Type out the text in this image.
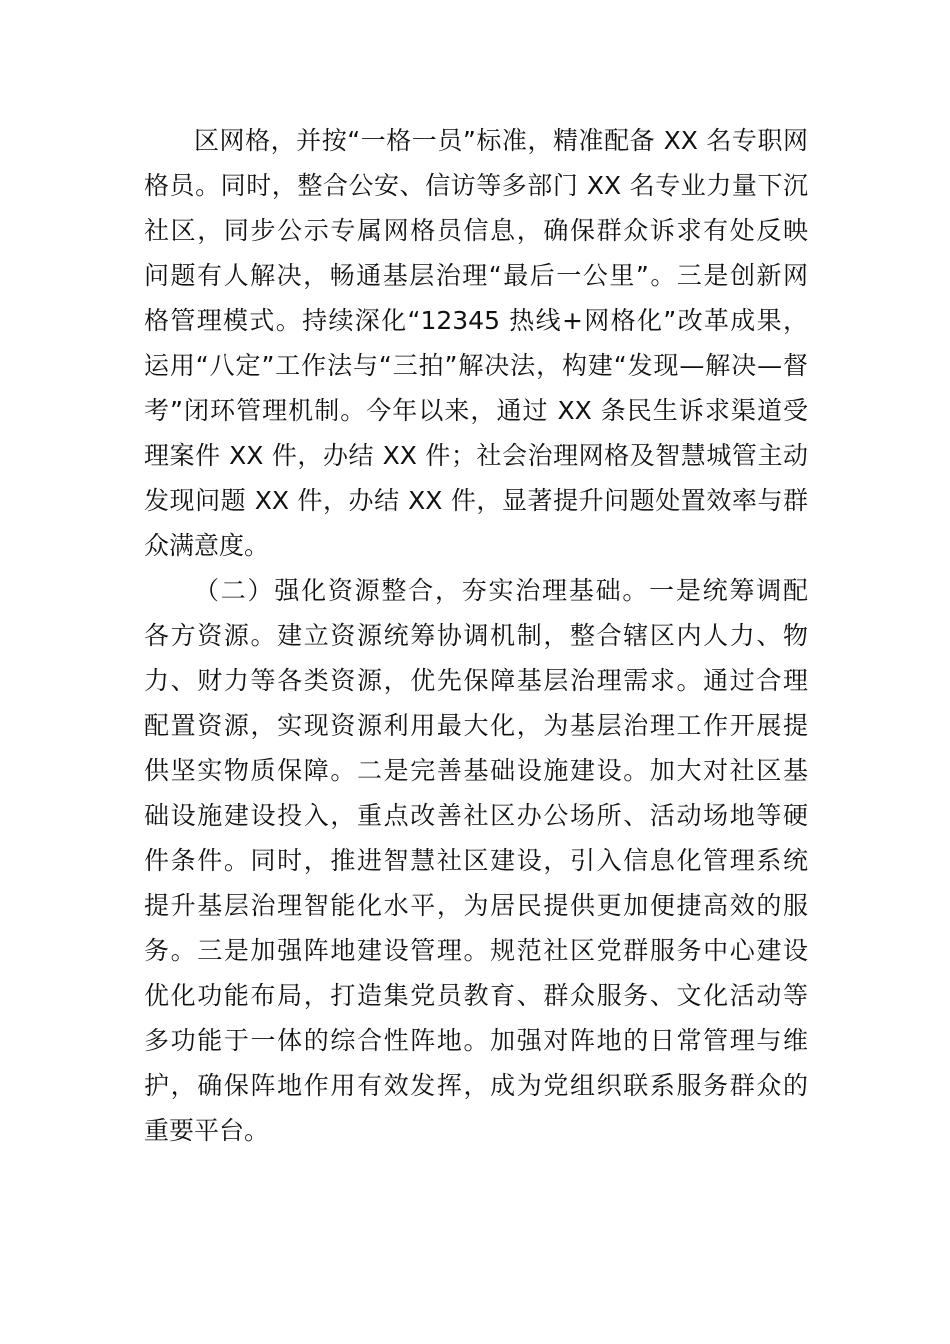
区网格，并按“一格一员”标准，精准配备 XX 名专职网
格员。同时，整合公安、信访等多部门 XX 名专业力量下沉
社区，同步公示专属网格员信息，确保群众诉求有处反映
问题有人解决，畅通基层治理“最后一公里”。三是创新网
格管理模式。持续深化“12345 热线+网格化”改革成果，
运用“八定”工作法与“三拍”解决法，构建“发现—解决—督
考”闭环管理机制。今年以来，通过 XX 条民生诉求渠道受
理案件 XX 件，办结 XX 件；社会治理网格及智慧城管主动
发现问题 XX 件，办结 XX 件，显著提升问题处置效率与群
众满意度。
（二）强化资源整合，夯实治理基础。一是统筹调配
各方资源。建立资源统筹协调机制，整合辖区内人力、物
力、财力等各类资源，优先保障基层治理需求。通过合理
配置资源，实现资源利用最大化，为基层治理工作开展提
供坚实物质保障。二是完善基础设施建设。加大对社区基
础设施建设投入，重点改善社区办公场所、活动场地等硬
件条件。同时，推进智慧社区建设，引入信息化管理系统
提升基层治理智能化水平，为居民提供更加便捷高效的服
务。三是加强阵地建设管理。规范社区党群服务中心建设
优化功能布局，打造集党员教育、群众服务、文化活动等
多功能于一体的综合性阵地。加强对阵地的日常管理与维
护，确保阵地作用有效发挥，成为党组织联系服务群众的
重要平台。
